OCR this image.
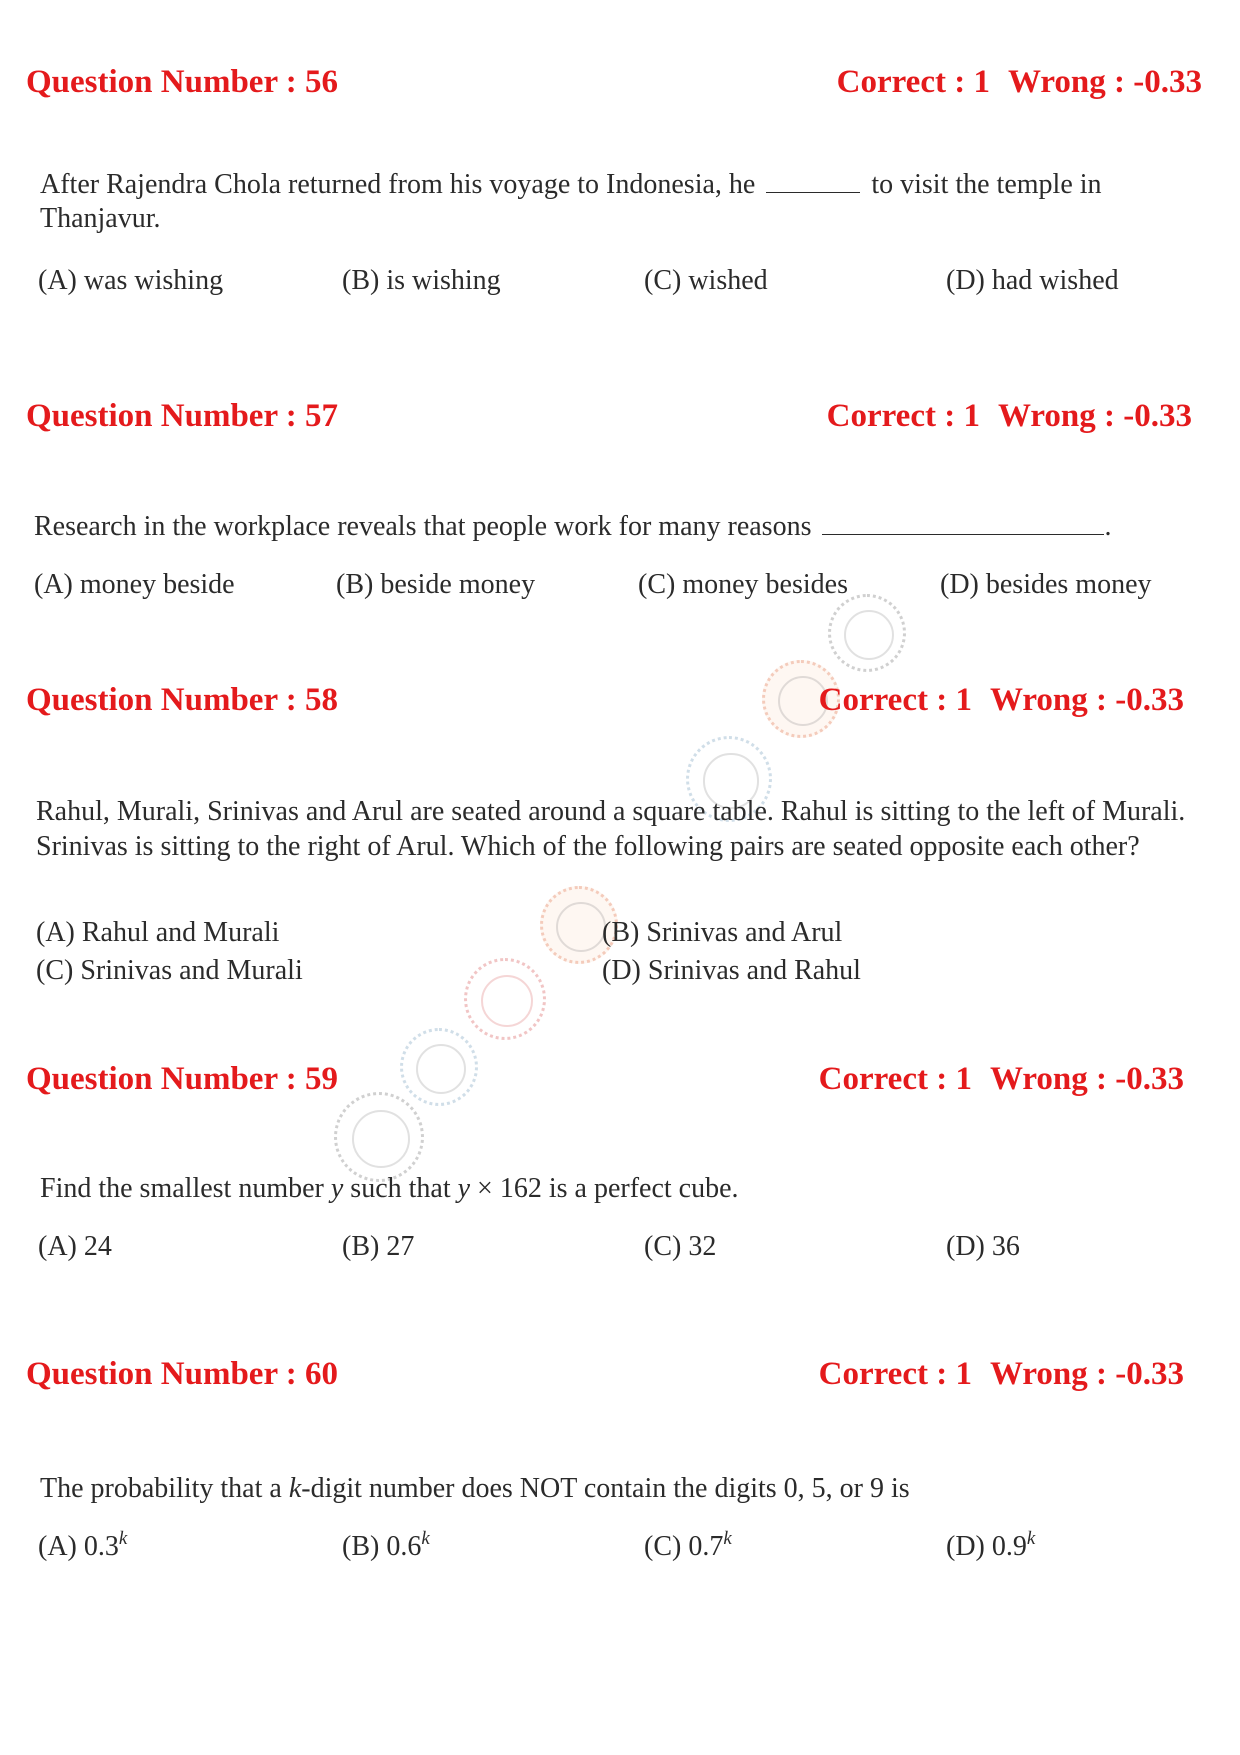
Question Number : 56	Correct : 1 Wrong : -0.33
After Rajendra Chola returned from his voyage to Indonesia, he	to visit the temple in Thanjavur.
(A) was wishing	(B) is wishing	(C) wished	(D) had wished
Question Number : 57	Correct : 1 Wrong : -0.33
Research in the workplace reveals that people work for many reasons	.
(A) money beside	(B) beside money	(C) money besides	(D) besides money
Question Number : 58	Correct : 1 Wrong : -0.33
Rahul, Murali, Srinivas and Arul are seated around a square table. Rahul is sitting to the left of Murali. Srinivas is sitting to the right of Arul. Which of the following pairs are seated opposite each other?
(A) Rahul and Murali	(B) Srinivas and Arul
(C) Srinivas and Murali	(D) Srinivas and Rahul
Question Number : 59	Correct : 1 Wrong : -0.33
Find the smallest number y such that y × 162 is a perfect cube.
(A) 24	(B) 27	(C) 32	(D) 36
Question Number : 60	Correct : 1 Wrong : -0.33
The probability that a k-digit number does NOT contain the digits 0, 5, or 9 is
(A) 0.3$^k$	(B) 0.6$^k$	(C) 0.7$^k$	(D) 0.9$^k$
